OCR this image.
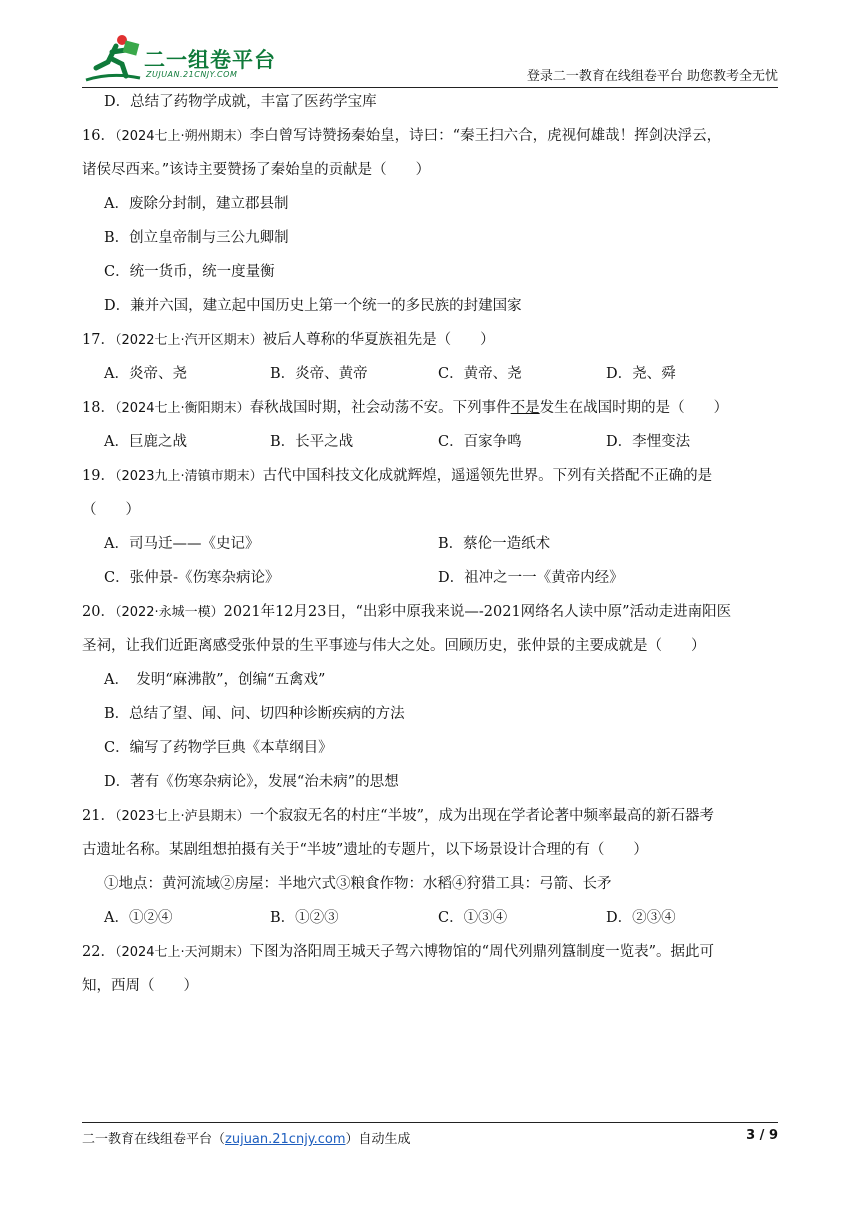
二一组卷平台
ZUJUAN.21CNJY.COM	登录二一教育在线组卷平台 助您教考全无忧
D．总结了药物学成就，丰富了医药学宝库
16．（2024七上·朔州期末）李白曾写诗赞扬秦始皇，诗曰：“秦王扫六合，虎视何雄哉！挥剑决浮云，
诸侯尽西来。”该诗主要赞扬了秦始皇的贡献是（　　）
A．废除分封制，建立郡县制
B．创立皇帝制与三公九卿制
C．统一货币，统一度量衡
D．兼并六国，建立起中国历史上第一个统一的多民族的封建国家
17．（2022七上·汽开区期末）被后人尊称的华夏族祖先是（　　）
A．炎帝、尧	B．炎帝、黄帝	C．黄帝、尧	D．尧、舜
18．（2024七上·衡阳期末）春秋战国时期，社会动荡不安。下列事件不是发生在战国时期的是（　　）
A．巨鹿之战	B．长平之战	C．百家争鸣	D．李悝变法
19．（2023九上·清镇市期末）古代中国科技文化成就辉煌，遥遥领先世界。下列有关搭配不正确的是
（　　）
A．司马迁——《史记》	B．蔡伦一造纸术
C．张仲景-《伤寒杂病论》	D．祖冲之一一《黄帝内经》
20．（2022·永城一模）2021年12月23日，“出彩中原我来说—-2021网络名人读中原”活动走进南阳医
圣祠，让我们近距离感受张仲景的生平事迹与伟大之处。回顾历史，张仲景的主要成就是（　　）
A．　发明“麻沸散”，创编“五禽戏”
B．总结了望、闻、问、切四种诊断疾病的方法
C．编写了药物学巨典《本草纲目》
D．著有《伤寒杂病论》，发展“治未病”的思想
21．（2023七上·泸县期末）一个寂寂无名的村庄“半坡”，成为出现在学者论著中频率最高的新石器考
古遗址名称。某剧组想拍摄有关于“半坡”遗址的专题片，以下场景设计合理的有（　　）
①地点：黄河流域②房屋：半地穴式③粮食作物：水稻④狩猎工具：弓箭、长矛
A．①②④	B．①②③	C．①③④	D．②③④
22．（2024七上·天河期末）下图为洛阳周王城天子驾六博物馆的“周代列鼎列簋制度一览表”。据此可
知，西周（　　）
二一教育在线组卷平台（zujuan.21cnjy.com）自动生成	3 / 9
